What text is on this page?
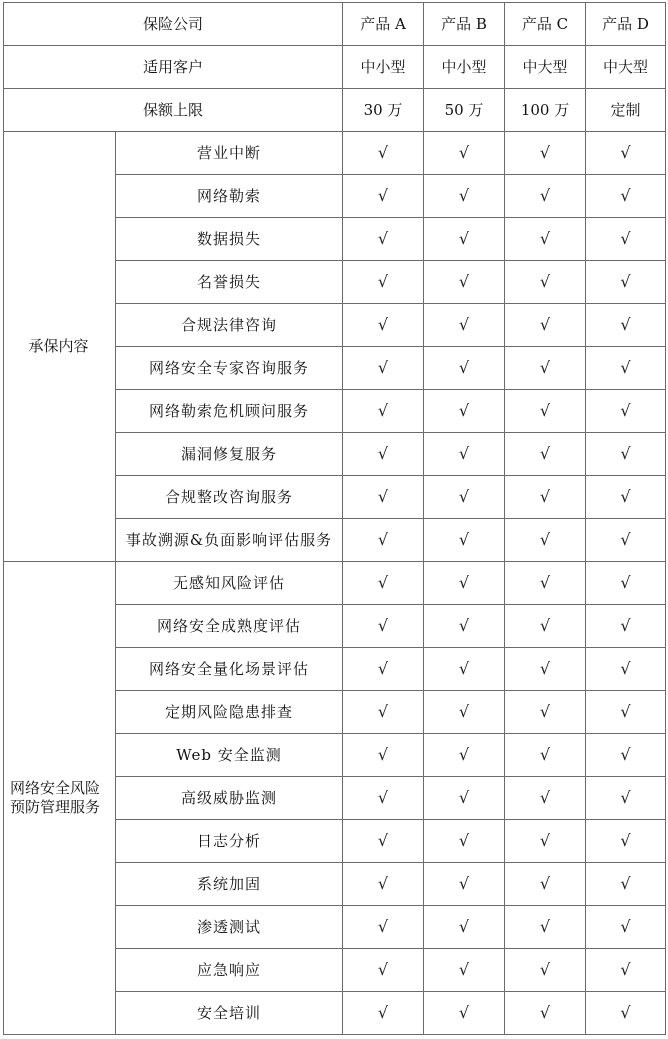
保险公司		产品 A	产品 B	产品 C	产品 D
适用客户		中小型	中小型	中大型	中大型
保额上限		30 万	50 万	100 万	定制
承保内容	营业中断	√	√	√	√
	网络勒索	√	√	√	√
	数据损失	√	√	√	√
	名誉损失	√	√	√	√
	合规法律咨询	√	√	√	√
	网络安全专家咨询服务	√	√	√	√
	网络勒索危机顾问服务	√	√	√	√
	漏洞修复服务	√	√	√	√
	合规整改咨询服务	√	√	√	√
	事故溯源&负面影响评估服务	√	√	√	√
网络安全风险预防管理服务	无感知风险评估	√	√	√	√
	网络安全成熟度评估	√	√	√	√
	网络安全量化场景评估	√	√	√	√
	定期风险隐患排查	√	√	√	√
	Web 安全监测	√	√	√	√
	高级威胁监测	√	√	√	√
	日志分析	√	√	√	√
	系统加固	√	√	√	√
	渗透测试	√	√	√	√
	应急响应	√	√	√	√
	安全培训	√	√	√	√
